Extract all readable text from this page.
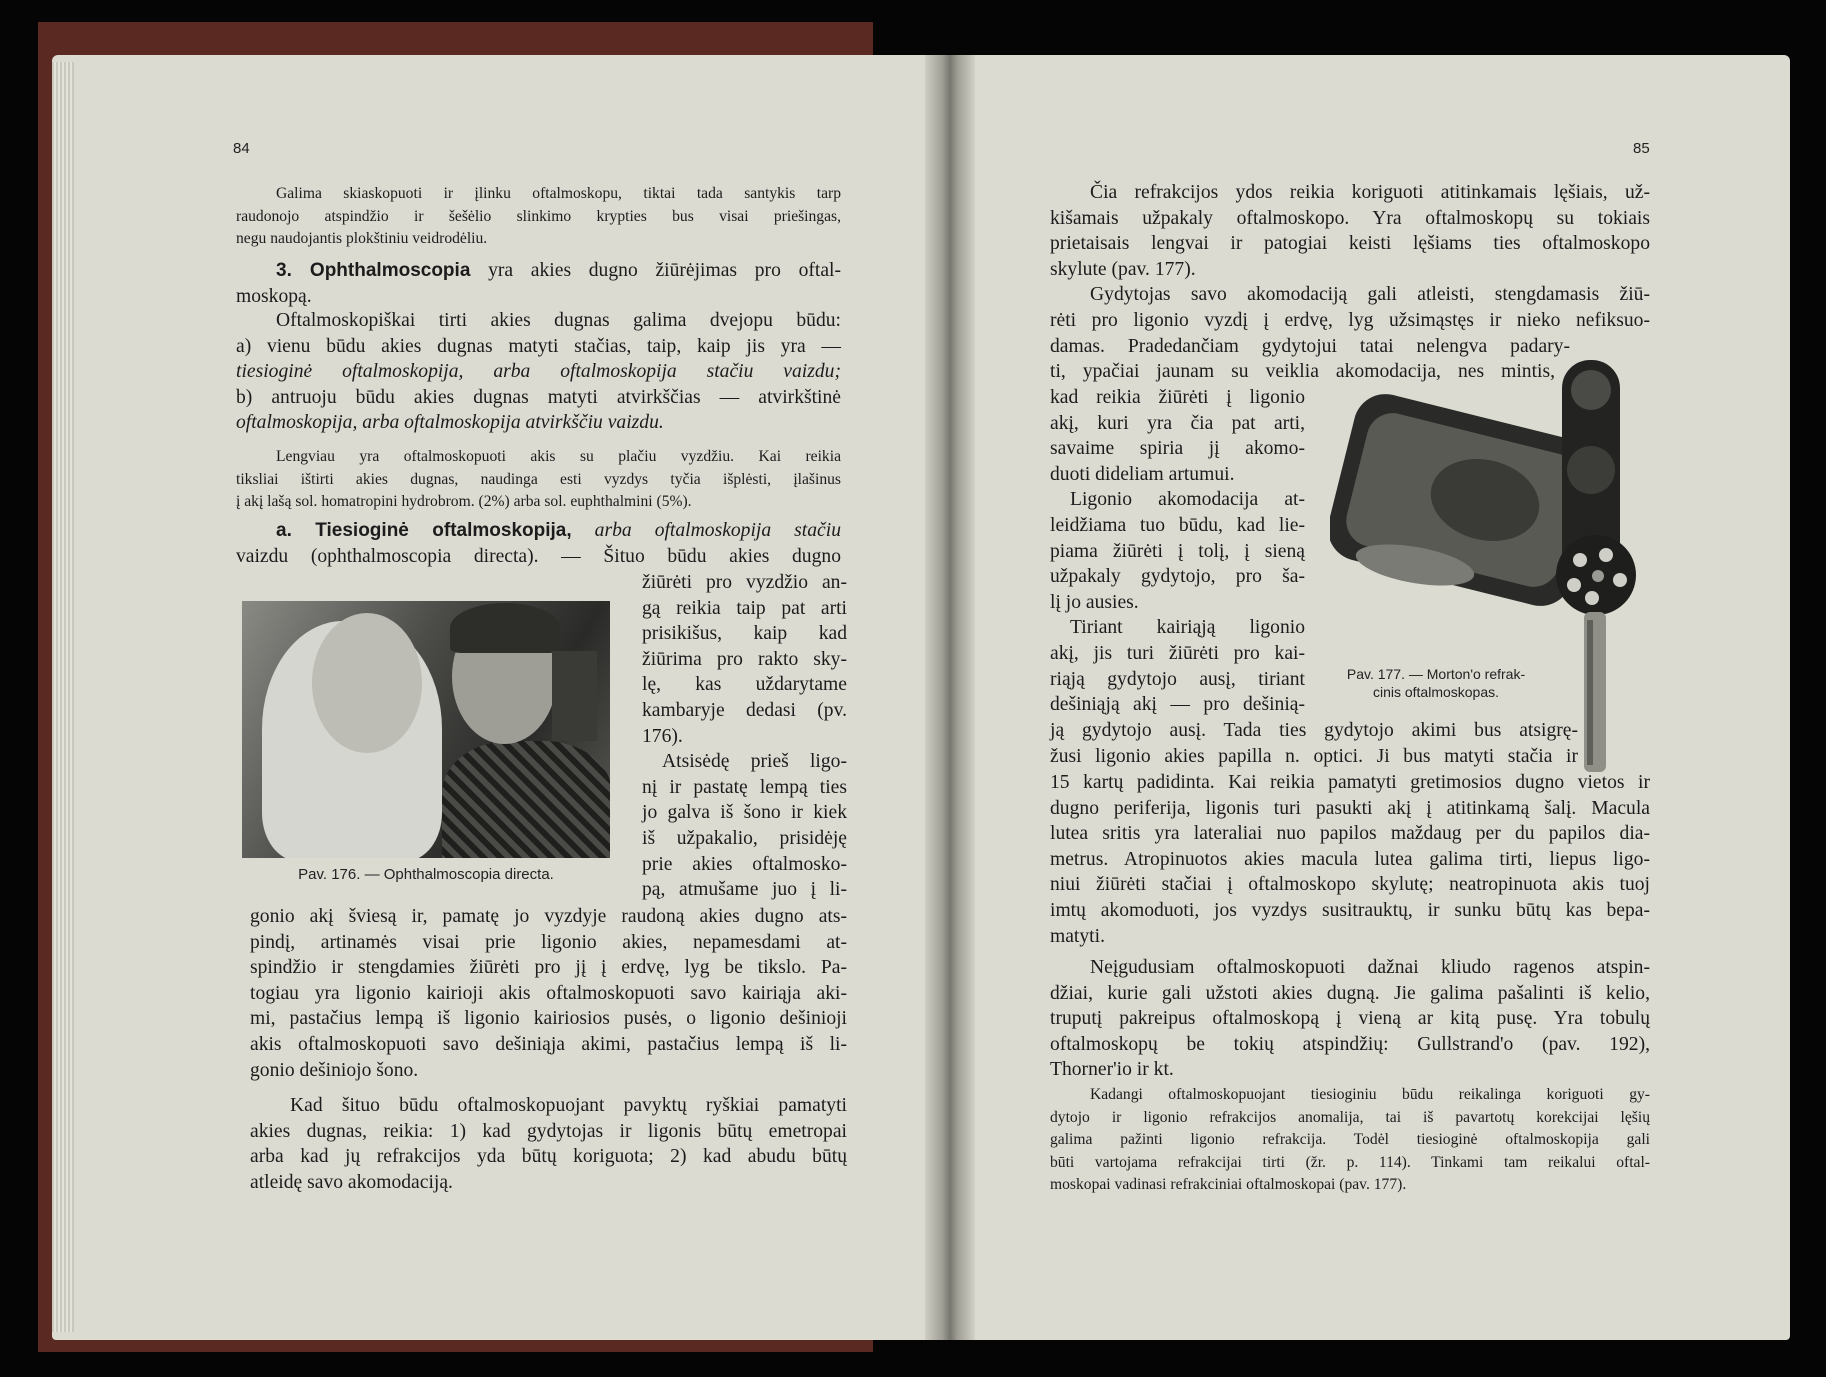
84
Galima skiaskopuoti ir įlinku oftalmoskopu, tiktai tada santykis tarp
raudonojo atspindžio ir šešėlio slinkimo krypties bus visai priešingas,
negu naudojantis plokštiniu veidrodėliu.
3. Ophthalmoscopia yra akies dugno žiūrėjimas pro oftal-
moskopą.
Oftalmoskopiškai tirti akies dugnas galima dvejopu būdu:
a) vienu būdu akies dugnas matyti stačias, taip, kaip jis yra —
tiesioginė oftalmoskopija, arba oftalmoskopija stačiu vaizdu;
b) antruoju būdu akies dugnas matyti atvirkščias — atvirkštinė
oftalmoskopija, arba oftalmoskopija atvirkščiu vaizdu.
Lengviau yra oftalmoskopuoti akis su plačiu vyzdžiu. Kai reikia
tiksliai ištirti akies dugnas, naudinga esti vyzdys tyčia išplėsti, įlašinus
į akį lašą sol. homatropini hydrobrom. (2%) arba sol. euphthalmini (5%).
a. Tiesioginė oftalmoskopija, arba oftalmoskopija stačiu
vaizdu (ophthalmoscopia directa). — Šituo būdu akies dugno
Pav. 176. — Ophthalmoscopia directa.
žiūrėti pro vyzdžio an-
gą reikia taip pat arti
prisikišus, kaip kad
žiūrima pro rakto sky-
lę, kas uždarytame
kambaryje dedasi (pv.
176).
Atsisėdę prieš ligo-
nį ir pastatę lempą ties
jo galva iš šono ir kiek
iš užpakalio, prisidėję
prie akies oftalmosko-
pą, atmušame juo į li-
gonio akį šviesą ir, pamatę jo vyzdyje raudoną akies dugno ats-
pindį, artinamės visai prie ligonio akies, nepamesdami at-
spindžio ir stengdamies žiūrėti pro jį į erdvę, lyg be tikslo. Pa-
togiau yra ligonio kairioji akis oftalmoskopuoti savo kairiąja aki-
mi, pastačius lempą iš ligonio kairiosios pusės, o ligonio dešinioji
akis oftalmoskopuoti savo dešiniąja akimi, pastačius lempą iš li-
gonio dešiniojo šono.
Kad šituo būdu oftalmoskopuojant pavyktų ryškiai pamatyti
akies dugnas, reikia: 1) kad gydytojas ir ligonis būtų emetropai
arba kad jų refrakcijos yda būtų koriguota; 2) kad abudu būtų
atleidę savo akomodaciją.
85
Čia refrakcijos ydos reikia koriguoti atitinkamais lęšiais, už-
kišamais užpakaly oftalmoskopo. Yra oftalmoskopų su tokiais
prietaisais lengvai ir patogiai keisti lęšiams ties oftalmoskopo
skylute (pav. 177).
Gydytojas savo akomodaciją gali atleisti, stengdamasis žiū-
rėti pro ligonio vyzdį į erdvę, lyg užsimąstęs ir nieko nefiksuo-
damas. Pradedančiam gydytojui tatai nelengva padary-
ti, ypačiai jaunam su veiklia akomodacija, nes mintis,
kad reikia žiūrėti į ligonio
akį, kuri yra čia pat arti,
savaime spiria jį akomo-
duoti dideliam artumui.
Ligonio akomodacija at-
leidžiama tuo būdu, kad lie-
piama žiūrėti į tolį, į sieną
užpakaly gydytojo, pro ša-
lį jo ausies.
Tiriant kairiąją ligonio
akį, jis turi žiūrėti pro kai-
riąją gydytojo ausį, tiriant
dešiniąją akį — pro dešinią-
Pav. 177. — Morton'o refrak-
cinis oftalmoskopas.
ją gydytojo ausį. Tada ties gydytojo akimi bus atsigrę-
žusi ligonio akies papilla n. optici. Ji bus matyti stačia ir
15 kartų padidinta. Kai reikia pamatyti gretimosios dugno vietos ir
dugno periferija, ligonis turi pasukti akį į atitinkamą šalį. Macula
lutea sritis yra lateraliai nuo papilos maždaug per du papilos dia-
metrus. Atropinuotos akies macula lutea galima tirti, liepus ligo-
niui žiūrėti stačiai į oftalmoskopo skylutę; neatropinuota akis tuoj
imtų akomoduoti, jos vyzdys susitrauktų, ir sunku būtų kas bepa-
matyti.
Neįgudusiam oftalmoskopuoti dažnai kliudo ragenos atspin-
džiai, kurie gali užstoti akies dugną. Jie galima pašalinti iš kelio,
truputį pakreipus oftalmoskopą į vieną ar kitą pusę. Yra tobulų
oftalmoskopų be tokių atspindžių: Gullstrand'o (pav. 192),
Thorner'io ir kt.
Kadangi oftalmoskopuojant tiesioginiu būdu reikalinga koriguoti gy-
dytojo ir ligonio refrakcijos anomalija, tai iš pavartotų korekcijai lęšių
galima pažinti ligonio refrakcija. Todėl tiesioginė oftalmoskopija gali
būti vartojama refrakcijai tirti (žr. p. 114). Tinkami tam reikalui oftal-
moskopai vadinasi refrakciniai oftalmoskopai (pav. 177).
